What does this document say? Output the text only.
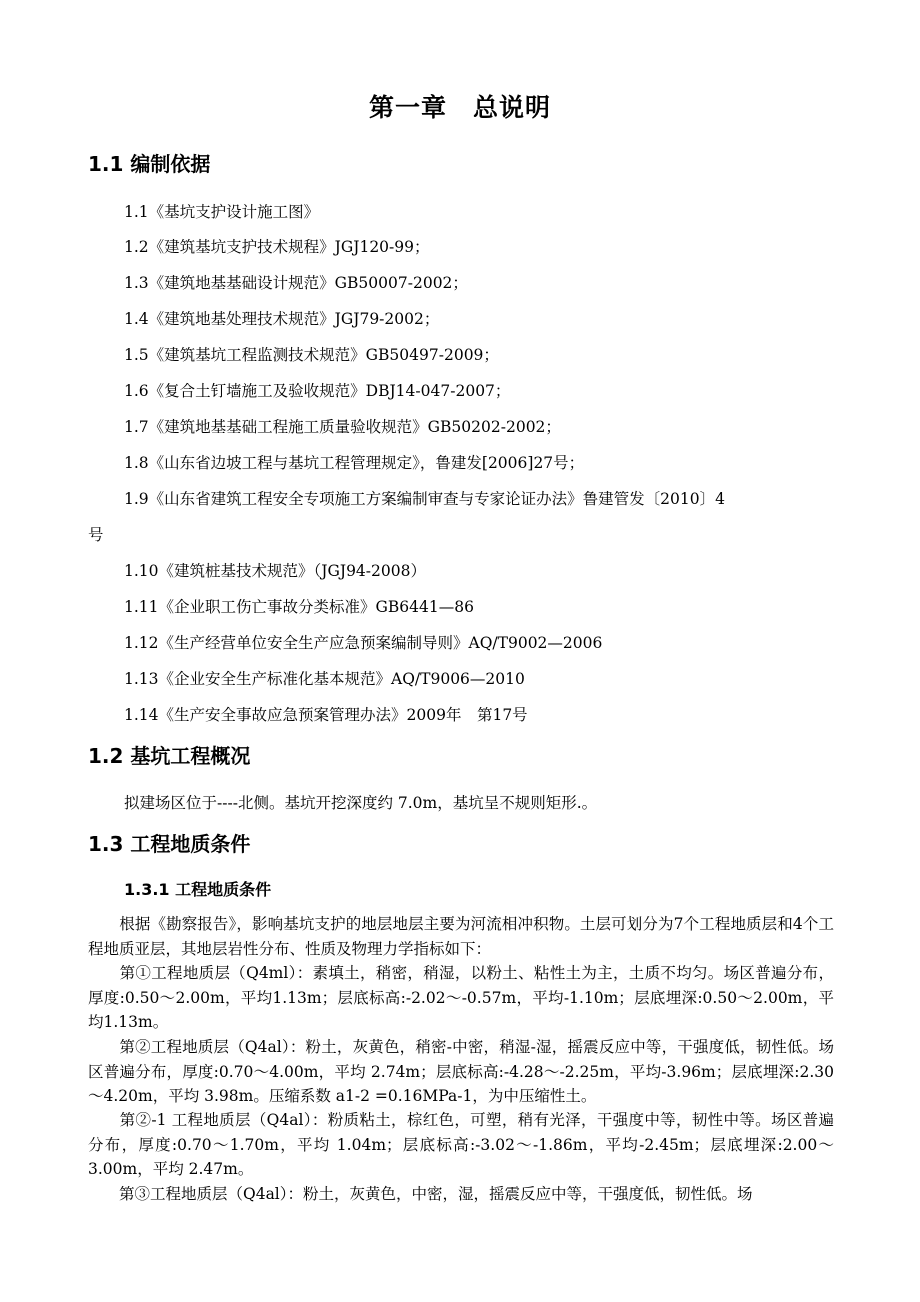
第一章　总说明
1.1 编制依据
1.1《基坑支护设计施工图》
1.2《建筑基坑支护技术规程》JGJ120-99；
1.3《建筑地基基础设计规范》GB50007-2002；
1.4《建筑地基处理技术规范》JGJ79-2002；
1.5《建筑基坑工程监测技术规范》GB50497-2009；
1.6《复合土钉墙施工及验收规范》DBJ14-047-2007；
1.7《建筑地基基础工程施工质量验收规范》GB50202-2002；
1.8《山东省边坡工程与基坑工程管理规定》，鲁建发[2006]27号；
1.9《山东省建筑工程安全专项施工方案编制审查与专家论证办法》鲁建管发〔2010〕4
号
1.10《建筑桩基技术规范》（JGJ94-2008）
1.11《企业职工伤亡事故分类标准》GB6441—86
1.12《生产经营单位安全生产应急预案编制导则》AQ/T9002—2006
1.13《企业安全生产标准化基本规范》AQ/T9006—2010
1.14《生产安全事故应急预案管理办法》2009年　第17号
1.2 基坑工程概况
拟建场区位于----北侧。基坑开挖深度约 7.0m，基坑呈不规则矩形.。
1.3 工程地质条件
1.3.1 工程地质条件
　　根据《勘察报告》，影响基坑支护的地层地层主要为河流相冲积物。土层可划分为7个工程地质层和4个工程地质亚层，其地层岩性分布、性质及物理力学指标如下：
　　第①工程地质层（Q4ml）：素填土，稍密，稍湿，以粉土、粘性土为主，土质不均匀。场区普遍分布，厚度:0.50～2.00m，平均1.13m；层底标高:-2.02～-0.57m，平均-1.10m；层底埋深:0.50～2.00m，平均1.13m。
　　第②工程地质层（Q4al）：粉土，灰黄色，稍密-中密，稍湿-湿，摇震反应中等，干强度低，韧性低。场区普遍分布，厚度:0.70～4.00m，平均 2.74m；层底标高:-4.28～-2.25m，平均-3.96m；层底埋深:2.30～4.20m，平均 3.98m。压缩系数 a1-2 =0.16MPa-1，为中压缩性土。
　　第②-1 工程地质层（Q4al）：粉质粘土，棕红色，可塑，稍有光泽，干强度中等，韧性中等。场区普遍分布，厚度:0.70～1.70m，平均 1.04m；层底标高:-3.02～-1.86m，平均-2.45m；层底埋深:2.00～3.00m，平均 2.47m。
　　第③工程地质层（Q4al）：粉土，灰黄色，中密，湿，摇震反应中等，干强度低，韧性低。场
